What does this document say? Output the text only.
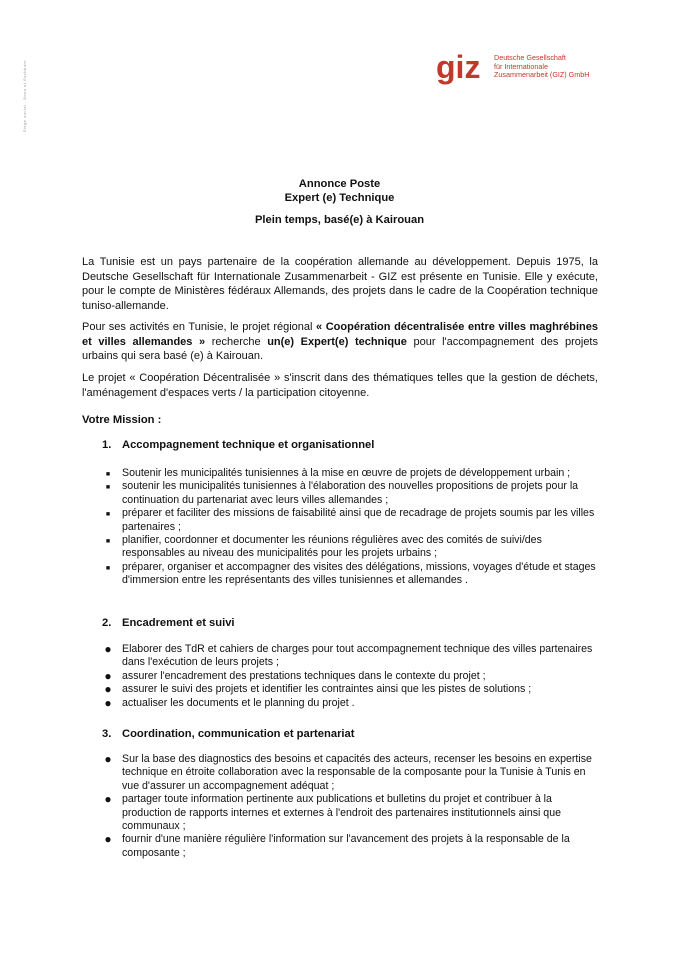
Siège social : Bonn et Eschborn	giz Deutsche Gesellschaft
für Internationale
Zusammenarbeit (GIZ) GmbH
Annonce Poste
Expert (e) Technique
Plein temps, basé(e) à Kairouan
La Tunisie est un pays partenaire de la coopération allemande au développement. Depuis 1975, la Deutsche Gesellschaft für Internationale Zusammenarbeit - GIZ est présente en Tunisie. Elle y exécute, pour le compte de Ministères fédéraux Allemands, des projets dans le cadre de la Coopération technique tuniso-allemande.
Pour ses activités en Tunisie, le projet régional « Coopération décentralisée entre villes maghrébines et villes allemandes » recherche un(e) Expert(e) technique pour l'accompagnement des projets urbains qui sera basé (e) à Kairouan.
Le projet « Coopération Décentralisée » s'inscrit dans des thématiques telles que la gestion de déchets, l'aménagement d'espaces verts / la participation citoyenne.
Votre Mission :
1. Accompagnement technique et organisationnel
■	Soutenir les municipalités tunisiennes à la mise en œuvre de projets de développement urbain ;
■	soutenir les municipalités tunisiennes à l'élaboration des nouvelles propositions de projets pour la continuation du partenariat avec leurs villes allemandes ;
■	préparer et faciliter des missions de faisabilité ainsi que de recadrage de projets soumis par les villes partenaires ;
■	planifier, coordonner et documenter les réunions régulières avec des comités de suivi/des responsables au niveau des municipalités pour les projets urbains ;
■	préparer, organiser et accompagner des visites des délégations, missions, voyages d'étude et stages d'immersion entre les représentants des villes tunisiennes et allemandes .
2. Encadrement et suivi
● Elaborer des TdR et cahiers de charges pour tout accompagnement technique des villes partenaires dans l'exécution de leurs projets ;
● assurer l'encadrement des prestations techniques dans le contexte du projet ;
● assurer le suivi des projets et identifier les contraintes ainsi que les pistes de solutions ;
● actualiser les documents et le planning du projet .
3. Coordination, communication et partenariat
● Sur la base des diagnostics des besoins et capacités des acteurs, recenser les besoins en expertise technique en étroite collaboration avec la responsable de la composante pour la Tunisie à Tunis en vue d'assurer un accompagnement adéquat ;
● partager toute information pertinente aux publications et bulletins du projet et contribuer à la production de rapports internes et externes à l'endroit des partenaires institutionnels ainsi que communaux ;
● fournir d'une manière régulière l'information sur l'avancement des projets à la responsable de la composante ;
